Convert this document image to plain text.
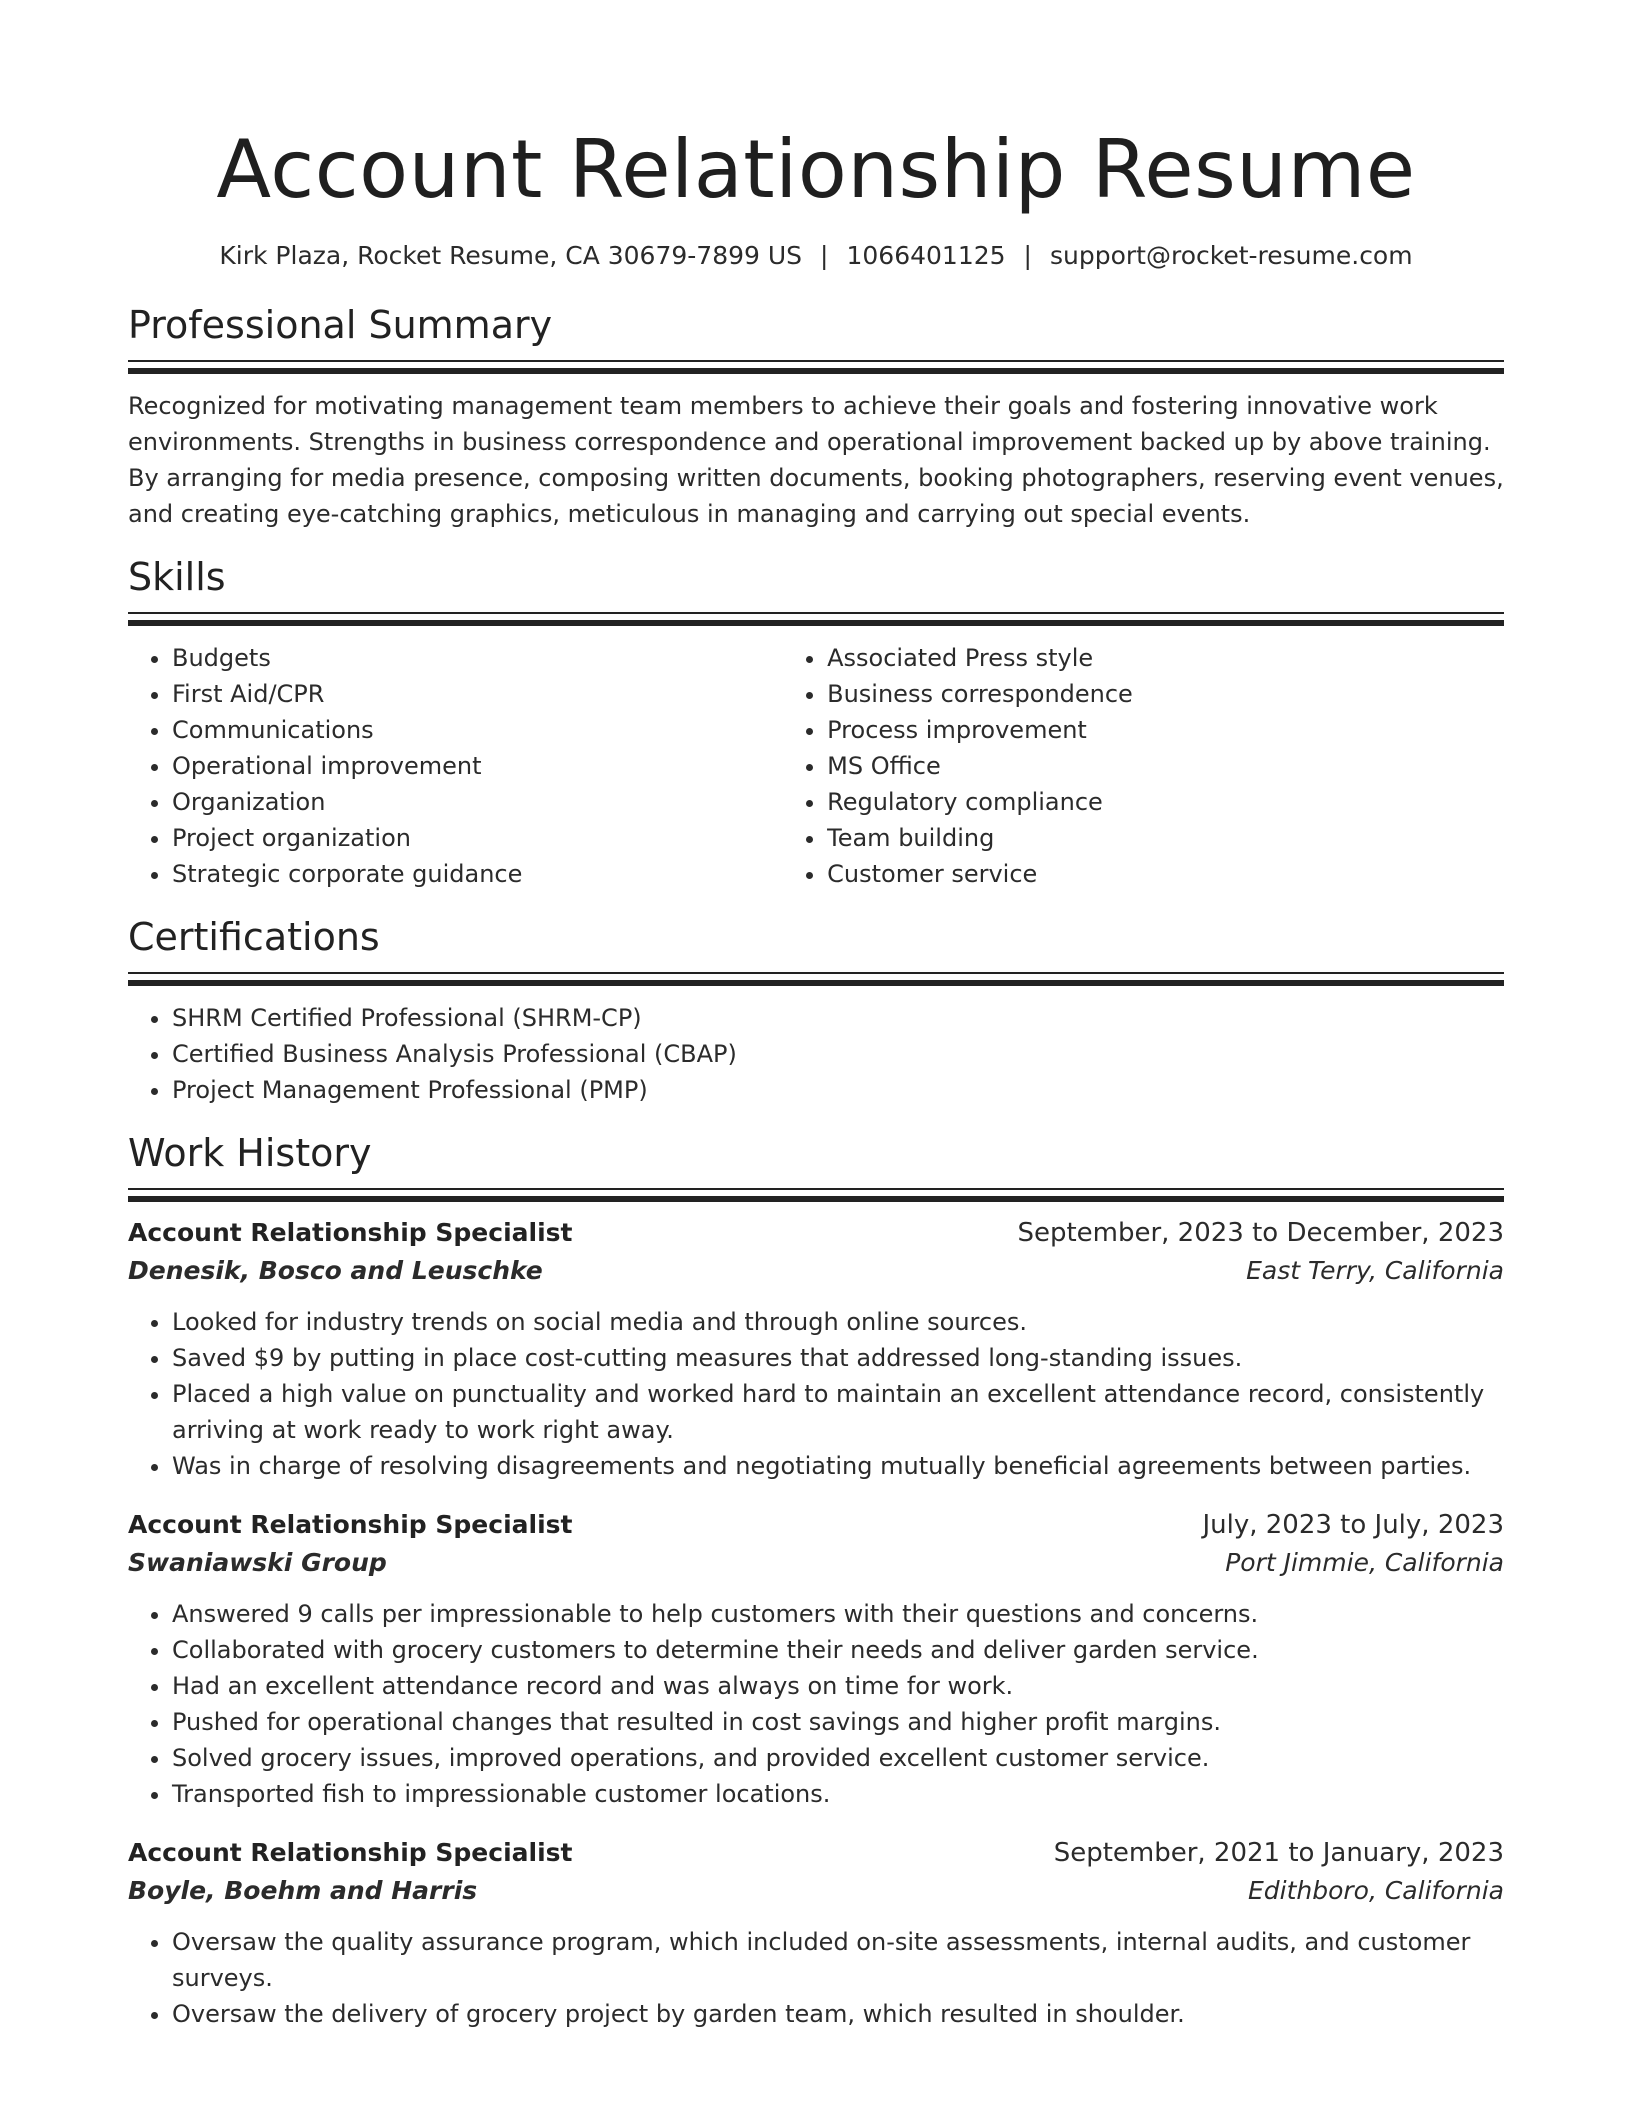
Account Relationship Resume
Kirk Plaza, Rocket Resume, CA 30679-7899 US | 1066401125 | support@rocket-resume.com
Professional Summary

Recognized for motivating management team members to achieve their goals and fostering innovative work environments. Strengths in business correspondence and operational improvement backed up by above training. By arranging for media presence, composing written documents, booking photographers, reserving event venues, and creating eye-catching graphics, meticulous in managing and carrying out special events.

Skills
• Budgets
• First Aid/CPR
• Communications
• Operational improvement
• Organization
• Project organization
• Strategic corporate guidance
• Associated Press style
• Business correspondence
• Process improvement
• MS Office
• Regulatory compliance
• Team building
• Customer service
Certifications
• SHRM Certified Professional (SHRM-CP)
• Certified Business Analysis Professional (CBAP)
• Project Management Professional (PMP)
Work History
Account Relationship Specialist	September, 2023 to December, 2023
Denesik, Bosco and Leuschke	East Terry, California
• Looked for industry trends on social media and through online sources.
• Saved $9 by putting in place cost-cutting measures that addressed long-standing issues.
• Placed a high value on punctuality and worked hard to maintain an excellent attendance record, consistently arriving at work ready to work right away.
• Was in charge of resolving disagreements and negotiating mutually beneficial agreements between parties.
Account Relationship Specialist	July, 2023 to July, 2023
Swaniawski Group	Port Jimmie, California
• Answered 9 calls per impressionable to help customers with their questions and concerns.
• Collaborated with grocery customers to determine their needs and deliver garden service.
• Had an excellent attendance record and was always on time for work.
• Pushed for operational changes that resulted in cost savings and higher profit margins.
• Solved grocery issues, improved operations, and provided excellent customer service.
• Transported fish to impressionable customer locations.
Account Relationship Specialist	September, 2021 to January, 2023
Boyle, Boehm and Harris	Edithboro, California
• Oversaw the quality assurance program, which included on-site assessments, internal audits, and customer surveys.
• Oversaw the delivery of grocery project by garden team, which resulted in shoulder.
